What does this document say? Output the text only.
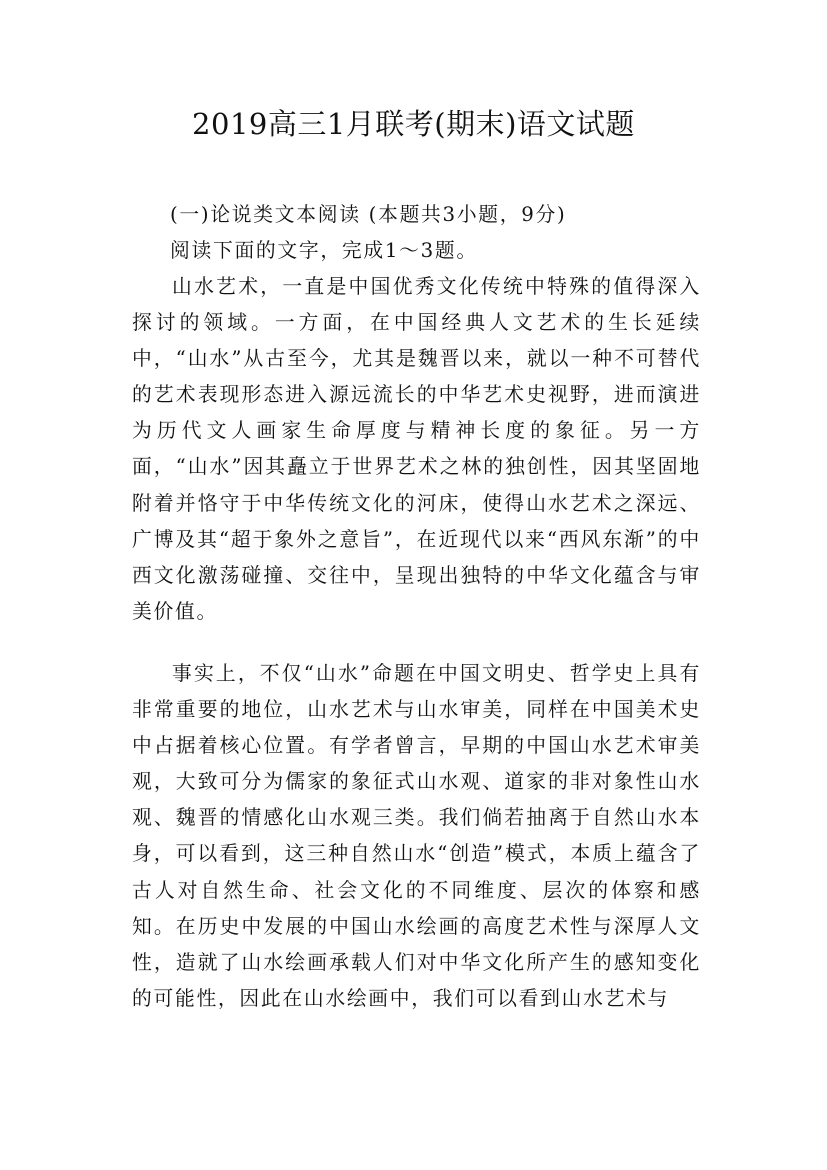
2019高三1月联考(期末)语文试题
(一)论说类文本阅读 (本题共3小题，9分)
阅读下面的文字，完成1～3题。

山水艺术，一直是中国优秀文化传统中特殊的值得深入探讨的领域。一方面，在中国经典人文艺术的生长延续中，“山水”从古至今，尤其是魏晋以来，就以一种不可替代的艺术表现形态进入源远流长的中华艺术史视野，进而演进为历代文人画家生命厚度与精神长度的象征。另一方面，“山水”因其矗立于世界艺术之林的独创性，因其坚固地附着并恪守于中华传统文化的河床，使得山水艺术之深远、广博及其“超于象外之意旨”，在近现代以来“西风东渐”的中西文化激荡碰撞、交往中，呈现出独特的中华文化蕴含与审美价值。

事实上，不仅“山水”命题在中国文明史、哲学史上具有非常重要的地位，山水艺术与山水审美，同样在中国美术史中占据着核心位置。有学者曾言，早期的中国山水艺术审美观，大致可分为儒家的象征式山水观、道家的非对象性山水观、魏晋的情感化山水观三类。我们倘若抽离于自然山水本身，可以看到，这三种自然山水“创造”模式，本质上蕴含了古人对自然生命、社会文化的不同维度、层次的体察和感知。在历史中发展的中国山水绘画的高度艺术性与深厚人文性，造就了山水绘画承载人们对中华文化所产生的感知变化的可能性，因此在山水绘画中，我们可以看到山水艺术与
